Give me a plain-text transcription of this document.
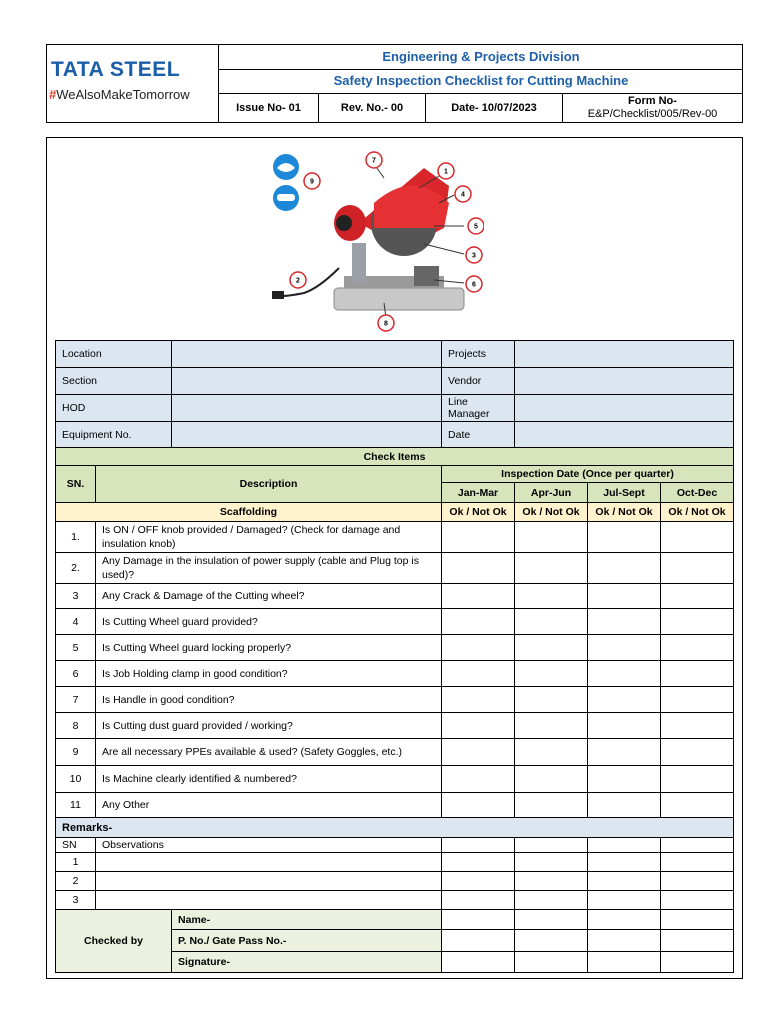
TATA STEEL
#WeAlsoMakeTomorrow
Engineering & Projects Division
Safety Inspection Checklist for Cutting Machine
Issue No- 01	Rev. No.- 00	Date- 10/07/2023
Form No-
E&P/Checklist/005/Rev-00
7
1
4
5
3
6
8
2
9
Location			Projects			
Section			Vendor			
HOD			Line
Manager			
Equipment No.			Date			
Check Items						
SN.	Description		Inspection Date (Once per quarter)			
			Jan-Mar	Apr-Jun	Jul-Sept	Oct-Dec
Scaffolding			Ok / Not Ok	Ok / Not Ok	Ok / Not Ok	Ok / Not Ok
1.	Is ON / OFF knob provided / Damaged? (Check for damage and insulation knob)					
2.	Any Damage in the insulation of power supply (cable and Plug top is used)?					
3	Any Crack & Damage of the Cutting wheel?					
4	Is Cutting Wheel guard provided?					
5	Is Cutting Wheel guard locking properly?					
6	Is Job Holding clamp in good condition?					
7	Is Handle in good condition?					
8	Is Cutting dust guard provided / working?					
9	Are all necessary PPEs available & used? (Safety Goggles, etc.)					
10	Is Machine clearly identified & numbered?					
11	Any Other					
Remarks-						
SN	Observations					
1						
2						
3						
Checked by		Name-				
		P. No./ Gate Pass No.-				
		Signature-				
